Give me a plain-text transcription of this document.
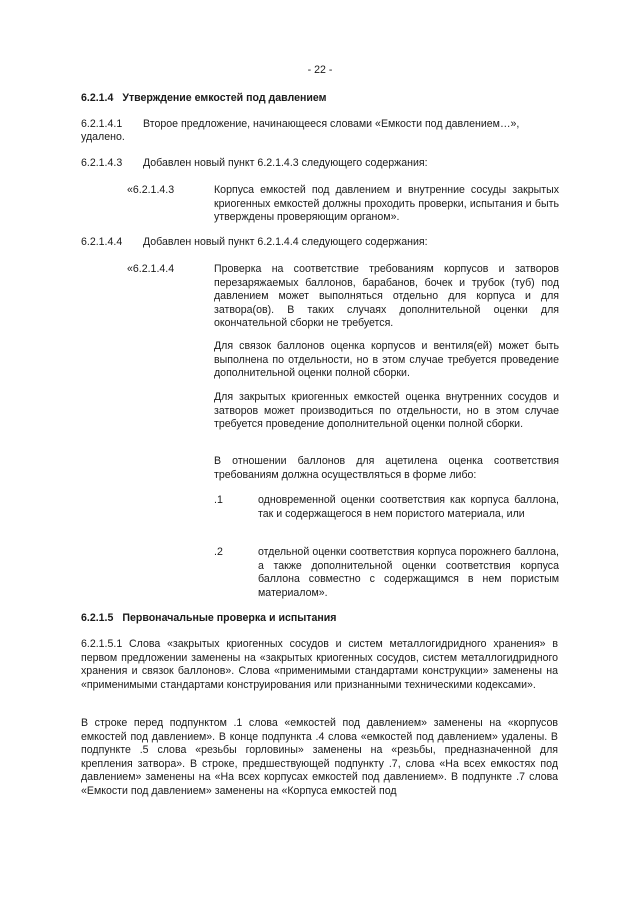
- 22 -
6.2.1.4 Утверждение емкостей под давлением
6.2.1.4.1 Второе предложение, начинающееся словами «Емкости под давлением…»,
удалено.
6.2.1.4.3 Добавлен новый пункт 6.2.1.4.3 следующего содержания:
«6.2.1.4.3	Корпуса емкостей под давлением и внутренние сосуды закрытых криогенных емкостей должны проходить проверки, испытания и быть утверждены проверяющим органом».
6.2.1.4.4 Добавлен новый пункт 6.2.1.4.4 следующего содержания:
«6.2.1.4.4	Проверка на соответствие требованиям корпусов и затворов перезаряжаемых баллонов, барабанов, бочек и трубок (туб) под давлением может выполняться отдельно для корпуса и для затвора(ов). В таких случаях дополнительной оценки для окончательной сборки не требуется.
Для связок баллонов оценка корпусов и вентиля(ей) может быть выполнена по отдельности, но в этом случае требуется проведение дополнительной оценки полной сборки.
Для закрытых криогенных емкостей оценка внутренних сосудов и затворов может производиться по отдельности, но в этом случае требуется проведение дополнительной оценки полной сборки.
В отношении баллонов для ацетилена оценка соответствия требованиям должна осуществляться в форме либо:
.1	одновременной оценки соответствия как корпуса баллона, так и содержащегося в нем пористого материала, или
.2	отдельной оценки соответствия корпуса порожнего баллона, а также дополнительной оценки соответствия корпуса баллона совместно с содержащимся в нем пористым материалом».
6.2.1.5 Первоначальные проверка и испытания
6.2.1.5.1 Слова «закрытых криогенных сосудов и систем металлогидридного хранения» в первом предложении заменены на «закрытых криогенных сосудов, систем металлогидридного хранения и связок баллонов». Слова «применимыми стандартами конструкции» заменены на «применимыми стандартами конструирования или признанными техническими кодексами».
В строке перед подпунктом .1 слова «емкостей под давлением» заменены на «корпусов емкостей под давлением». В конце подпункта .4 слова «емкостей под давлением» удалены. В подпункте .5 слова «резьбы горловины» заменены на «резьбы, предназначенной для крепления затвора». В строке, предшествующей подпункту .7, слова «На всех емкостях под давлением» заменены на «На всех корпусах емкостей под давлением». В подпункте .7 слова «Емкости под давлением» заменены на «Корпуса емкостей под
